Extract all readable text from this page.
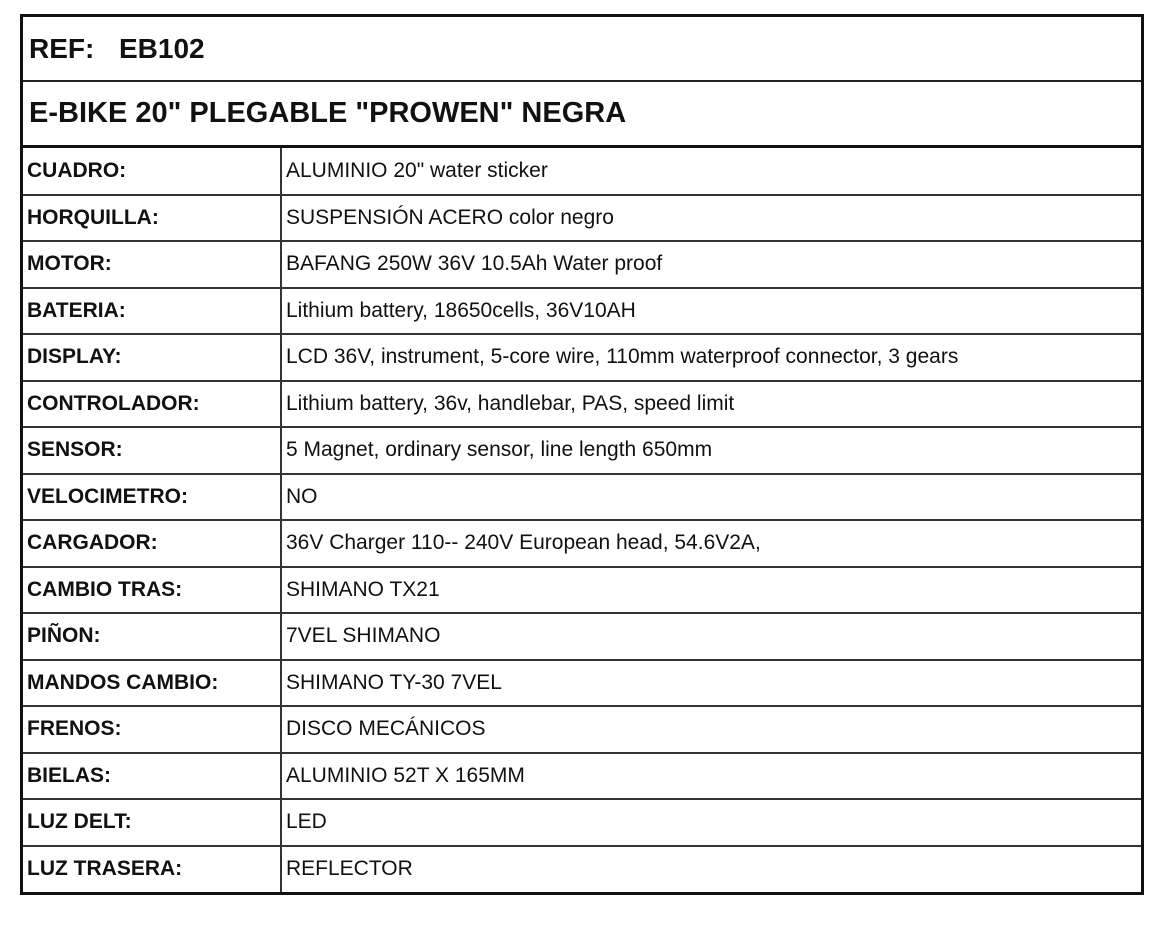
REF: EB102
E-BIKE 20" PLEGABLE "PROWEN" NEGRA
CUADRO:	ALUMINIO 20" water sticker
HORQUILLA:	SUSPENSIÓN ACERO color negro
MOTOR:	BAFANG 250W 36V 10.5Ah Water proof
BATERIA:	Lithium battery, 18650cells, 36V10AH
DISPLAY:	LCD 36V, instrument, 5-core wire, 110mm waterproof connector, 3 gears
CONTROLADOR:	Lithium battery, 36v, handlebar, PAS, speed limit
SENSOR:	5 Magnet, ordinary sensor, line length 650mm
VELOCIMETRO:	NO
CARGADOR:	36V Charger 110-- 240V European head, 54.6V2A,
CAMBIO TRAS:	SHIMANO TX21
PIÑON:	7VEL SHIMANO
MANDOS CAMBIO:	SHIMANO TY-30 7VEL
FRENOS:	DISCO MECÁNICOS
BIELAS:	ALUMINIO 52T X 165MM
LUZ DELT:	LED
LUZ TRASERA:	REFLECTOR
